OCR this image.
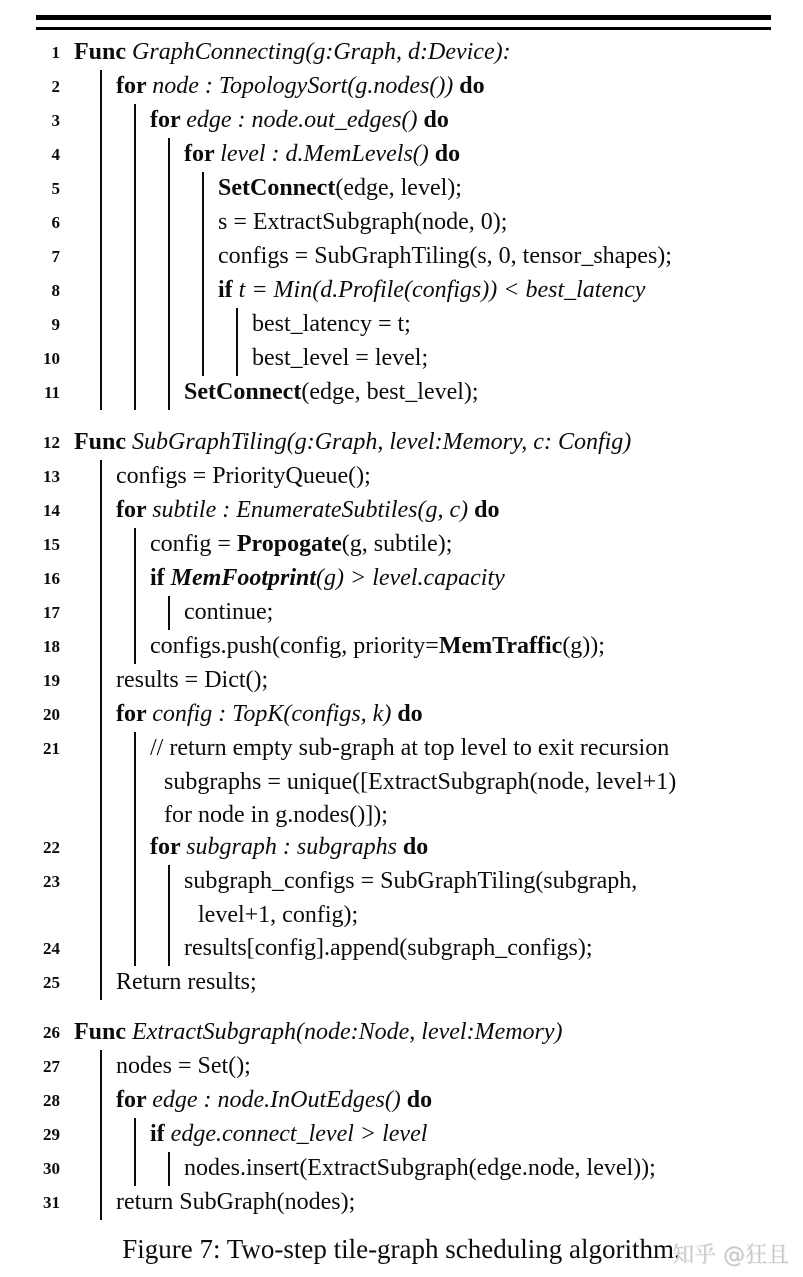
1 Func GraphConnecting(g:Graph, d:Device):
2	for node : TopologySort(g.nodes()) do
3	for edge : node.out_edges() do
4	for level : d.MemLevels() do
5	SetConnect(edge, level);
6	s = ExtractSubgraph(node, 0);
7	configs = SubGraphTiling(s, 0, tensor_shapes);
8	if t = Min(d.Profile(configs)) < best_latency
9	best_latency = t;
10	best_level = level;
11	SetConnect(edge, best_level);
12 Func SubGraphTiling(g:Graph, level:Memory, c: Config)
13	configs = PriorityQueue();
14	for subtile : EnumerateSubtiles(g, c) do
15	config = Propogate(g, subtile);
16	if MemFootprint(g) > level.capacity
17	continue;
18	configs.push(config, priority=MemTraffic(g));
19	results = Dict();
20	for config : TopK(configs, k) do
21	// return empty sub-graph at top level to exit recursion
subgraphs = unique([ExtractSubgraph(node, level+1)
for node in g.nodes()]);
22	for subgraph : subgraphs do
23	subgraph_configs = SubGraphTiling(subgraph,
level+1, config);
24	results[config].append(subgraph_configs);
25	Return results;
26 Func ExtractSubgraph(node:Node, level:Memory)
27	nodes = Set();
28	for edge : node.InOutEdges() do
29	if edge.connect_level > level
30	nodes.insert(ExtractSubgraph(edge.node, level));
31	return SubGraph(nodes);
Figure 7: Two-step tile-graph scheduling algorithm.
知乎 @狂且
